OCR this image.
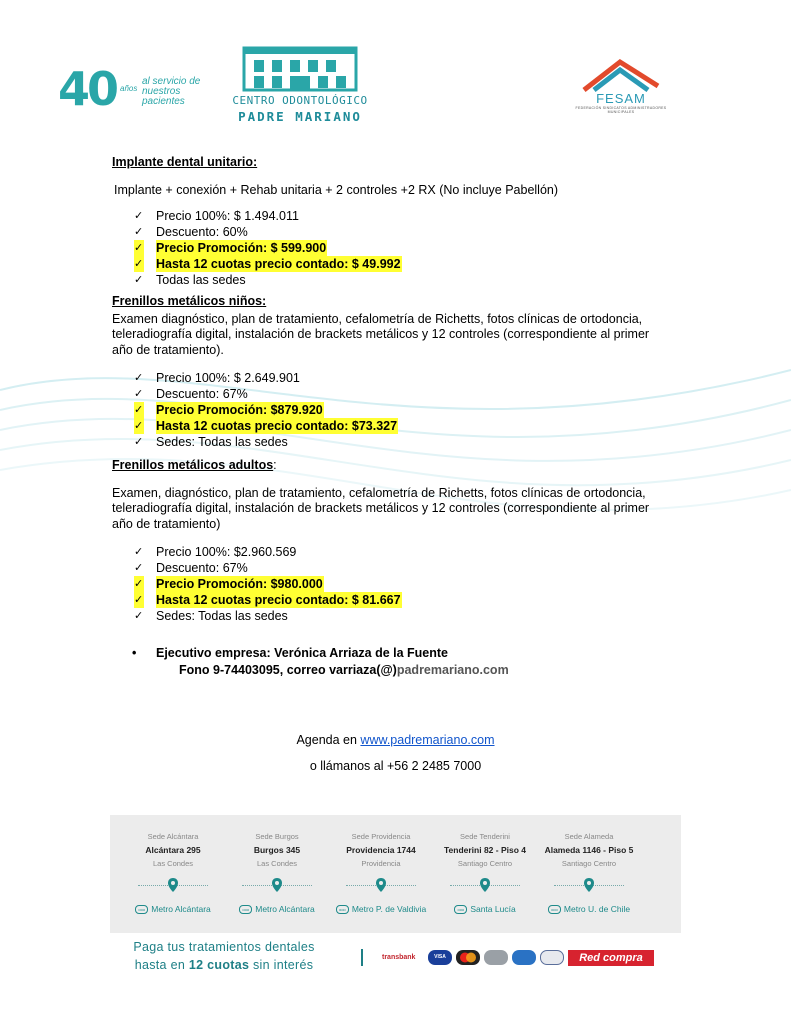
40 años
al servicio de nuestros pacientes	CENTRO ODONTOLÓGICO
PADRE MARIANO
FESAM
FEDERACIÓN SINDICATOS ADMINISTRADORES MUNICIPALES
Implante dental unitario:

Implante + conexión + Rehab unitaria + 2 controles +2 RX (No incluye Pabellón)

✓ Precio 100%: $ 1.494.011
✓ Descuento: 60%
✓ Precio Promoción: $ 599.900
✓ Hasta 12 cuotas precio contado: $ 49.992
✓ Todas las sedes
Frenillos metálicos niños:

Examen diagnóstico, plan de tratamiento, cefalometría de Richetts, fotos clínicas de ortodoncia,
teleradiografía digital, instalación de brackets metálicos y 12 controles (correspondiente al primer
año de tratamiento).

✓ Precio 100%: $ 2.649.901
✓ Descuento: 67%
✓ Precio Promoción: $879.920
✓ Hasta 12 cuotas precio contado: $73.327
✓ Sedes: Todas las sedes
Frenillos metálicos adultos:

Examen, diagnóstico, plan de tratamiento, cefalometría de Richetts, fotos clínicas de ortodoncia,
teleradiografía digital, instalación de brackets metálicos y 12 controles (correspondiente al primer
año de tratamiento)

✓ Precio 100%: $2.960.569
✓ Descuento: 67%
✓ Precio Promoción: $980.000
✓ Hasta 12 cuotas precio contado: $ 81.667
✓ Sedes: Todas las sedes
• Ejecutivo empresa: Verónica Arriaza de la Fuente
Fono 9-74403095, correo varriaza(@)padremariano.com
Agenda en www.padremariano.com
o llámanos al +56 2 2485 7000
Sede Alcántara
Alcántara 295
Las Condes
ooo Metro Alcántara
Sede Burgos
Burgos 345
Las Condes
ooo Metro Alcántara
Sede Providencia
Providencia 1744
Providencia
ooo Metro P. de Valdivia
Sede Tenderini
Tenderini 82 - Piso 4
Santiago Centro
ooo Santa Lucía
Sede Alameda
Alameda 1146 - Piso 5
Santiago Centro
ooo Metro U. de Chile
Paga tus tratamientos dentales
hasta en 12 cuotas sin interés
transbank	VISA	Red compra
